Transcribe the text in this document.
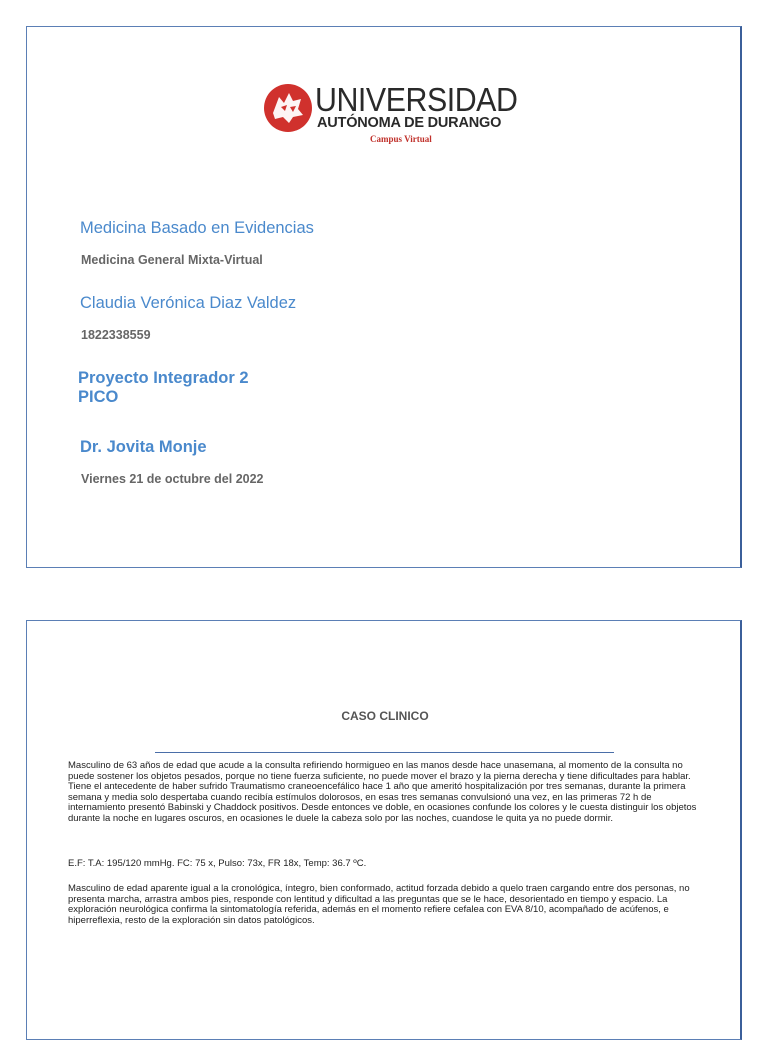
UNIVERSIDAD
AUTÓNOMA DE DURANGO
Campus Virtual
Medicina Basado en Evidencias
Medicina General Mixta-Virtual
Claudia Verónica Diaz Valdez
1822338559
Proyecto Integrador 2
PICO
Dr. Jovita Monje
Viernes 21 de octubre del 2022
CASO CLINICO

Masculino de 63 años de edad que acude a la consulta refiriendo hormigueo en las manos desde hace unasemana, al momento de la consulta no puede sostener los objetos pesados, porque no tiene fuerza suficiente, no puede mover el brazo y la pierna derecha y tiene dificultades para hablar. Tiene el antecedente de haber sufrido Traumatismo craneoencefálico hace 1 año que ameritó hospitalización por tres semanas, durante la primera semana y media solo despertaba cuando recibía estímulos dolorosos, en esas tres semanas convulsionó una vez, en las primeras 72 h de internamiento presentó Babinski y Chaddock positivos. Desde entonces ve doble, en ocasiones confunde los colores y le cuesta distinguir los objetos durante la noche en lugares oscuros, en ocasiones le duele la cabeza solo por las noches, cuandose le quita ya no puede dormir.

E.F: T.A: 195/120 mmHg. FC: 75 x, Pulso: 73x, FR 18x, Temp: 36.7 ºC.

Masculino de edad aparente igual a la cronológica, íntegro, bien conformado, actitud forzada debido a quelo traen cargando entre dos personas, no presenta marcha, arrastra ambos pies, responde con lentitud y dificultad a las preguntas que se le hace, desorientado en tiempo y espacio. La exploración neurológica confirma la sintomatología referida, además en el momento refiere cefalea con EVA 8/10, acompañado de acúfenos, e hiperreflexia, resto de la exploración sin datos patológicos.
